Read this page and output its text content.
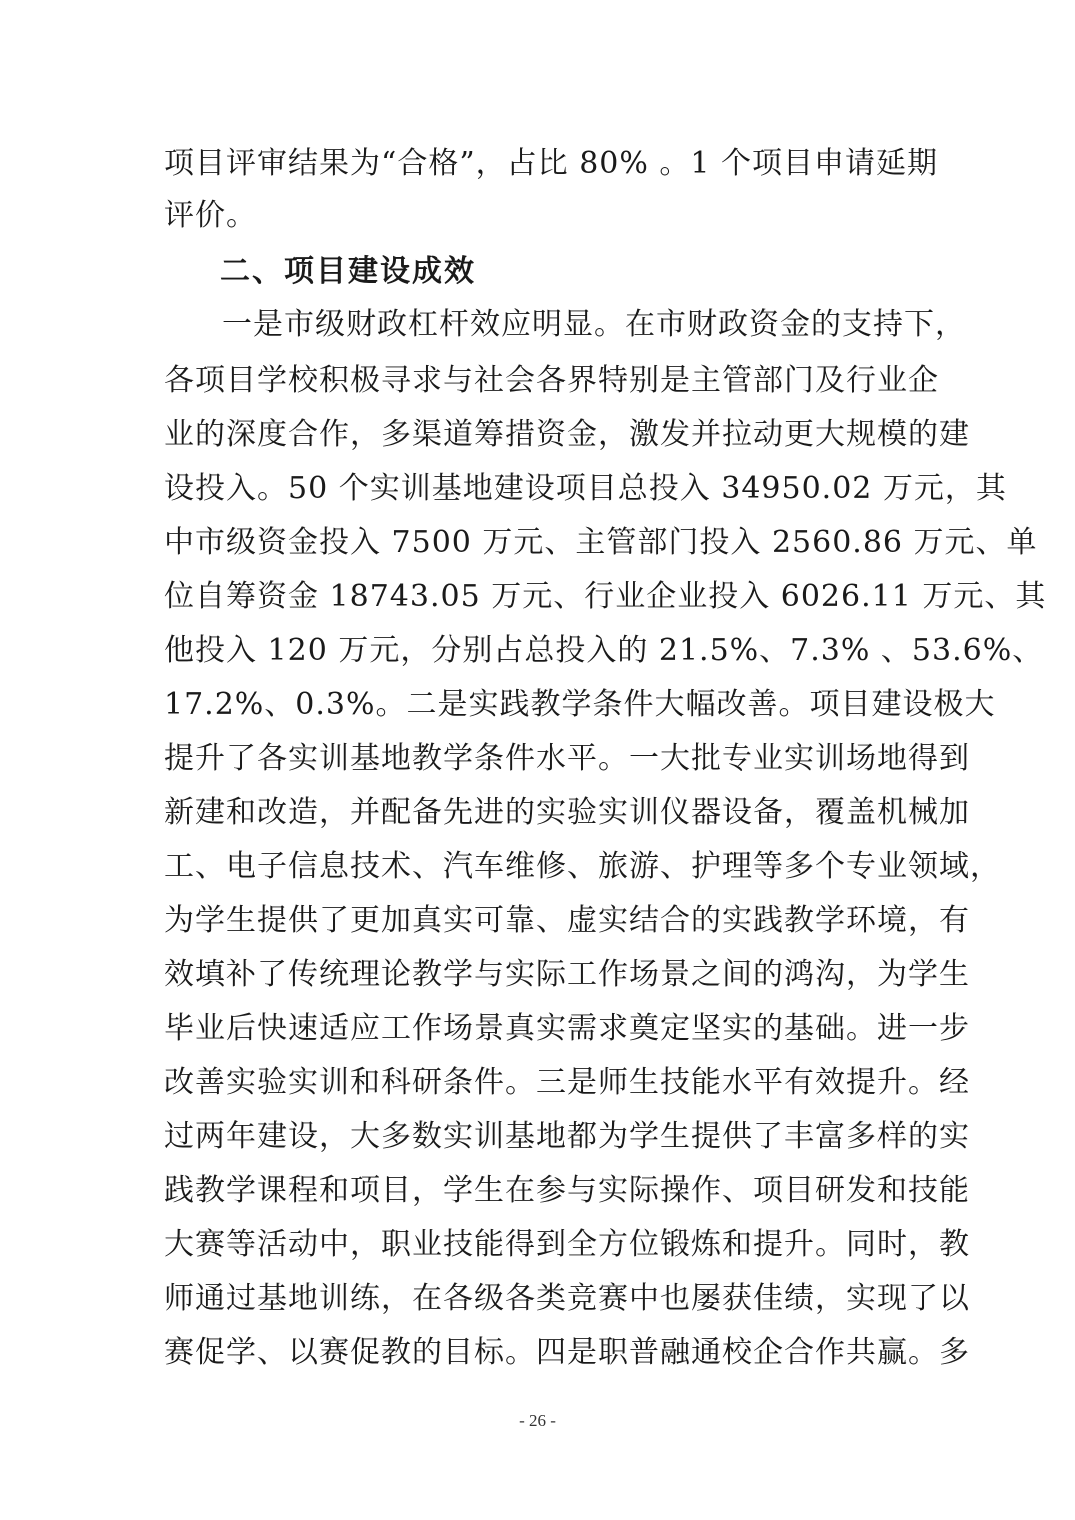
项目评审结果为“合格”，占比 80% 。1 个项目申请延期
评价。
二、项目建设成效
一是市级财政杠杆效应明显。在市财政资金的支持下，
各项目学校积极寻求与社会各界特别是主管部门及行业企
业的深度合作，多渠道筹措资金，激发并拉动更大规模的建
设投入。50 个实训基地建设项目总投入 34950.02 万元，其
中市级资金投入 7500 万元、主管部门投入 2560.86 万元、单
位自筹资金 18743.05 万元、行业企业投入 6026.11 万元、其
他投入 120 万元，分别占总投入的 21.5%、7.3% 、53.6%、
17.2%、0.3%。二是实践教学条件大幅改善。项目建设极大
提升了各实训基地教学条件水平。一大批专业实训场地得到
新建和改造，并配备先进的实验实训仪器设备，覆盖机械加
工、电子信息技术、汽车维修、旅游、护理等多个专业领域，
为学生提供了更加真实可靠、虚实结合的实践教学环境，有
效填补了传统理论教学与实际工作场景之间的鸿沟，为学生
毕业后快速适应工作场景真实需求奠定坚实的基础。进一步
改善实验实训和科研条件。三是师生技能水平有效提升。经
过两年建设，大多数实训基地都为学生提供了丰富多样的实
践教学课程和项目，学生在参与实际操作、项目研发和技能
大赛等活动中，职业技能得到全方位锻炼和提升。同时，教
师通过基地训练，在各级各类竞赛中也屡获佳绩，实现了以
赛促学、以赛促教的目标。四是职普融通校企合作共赢。多
- 26 -
